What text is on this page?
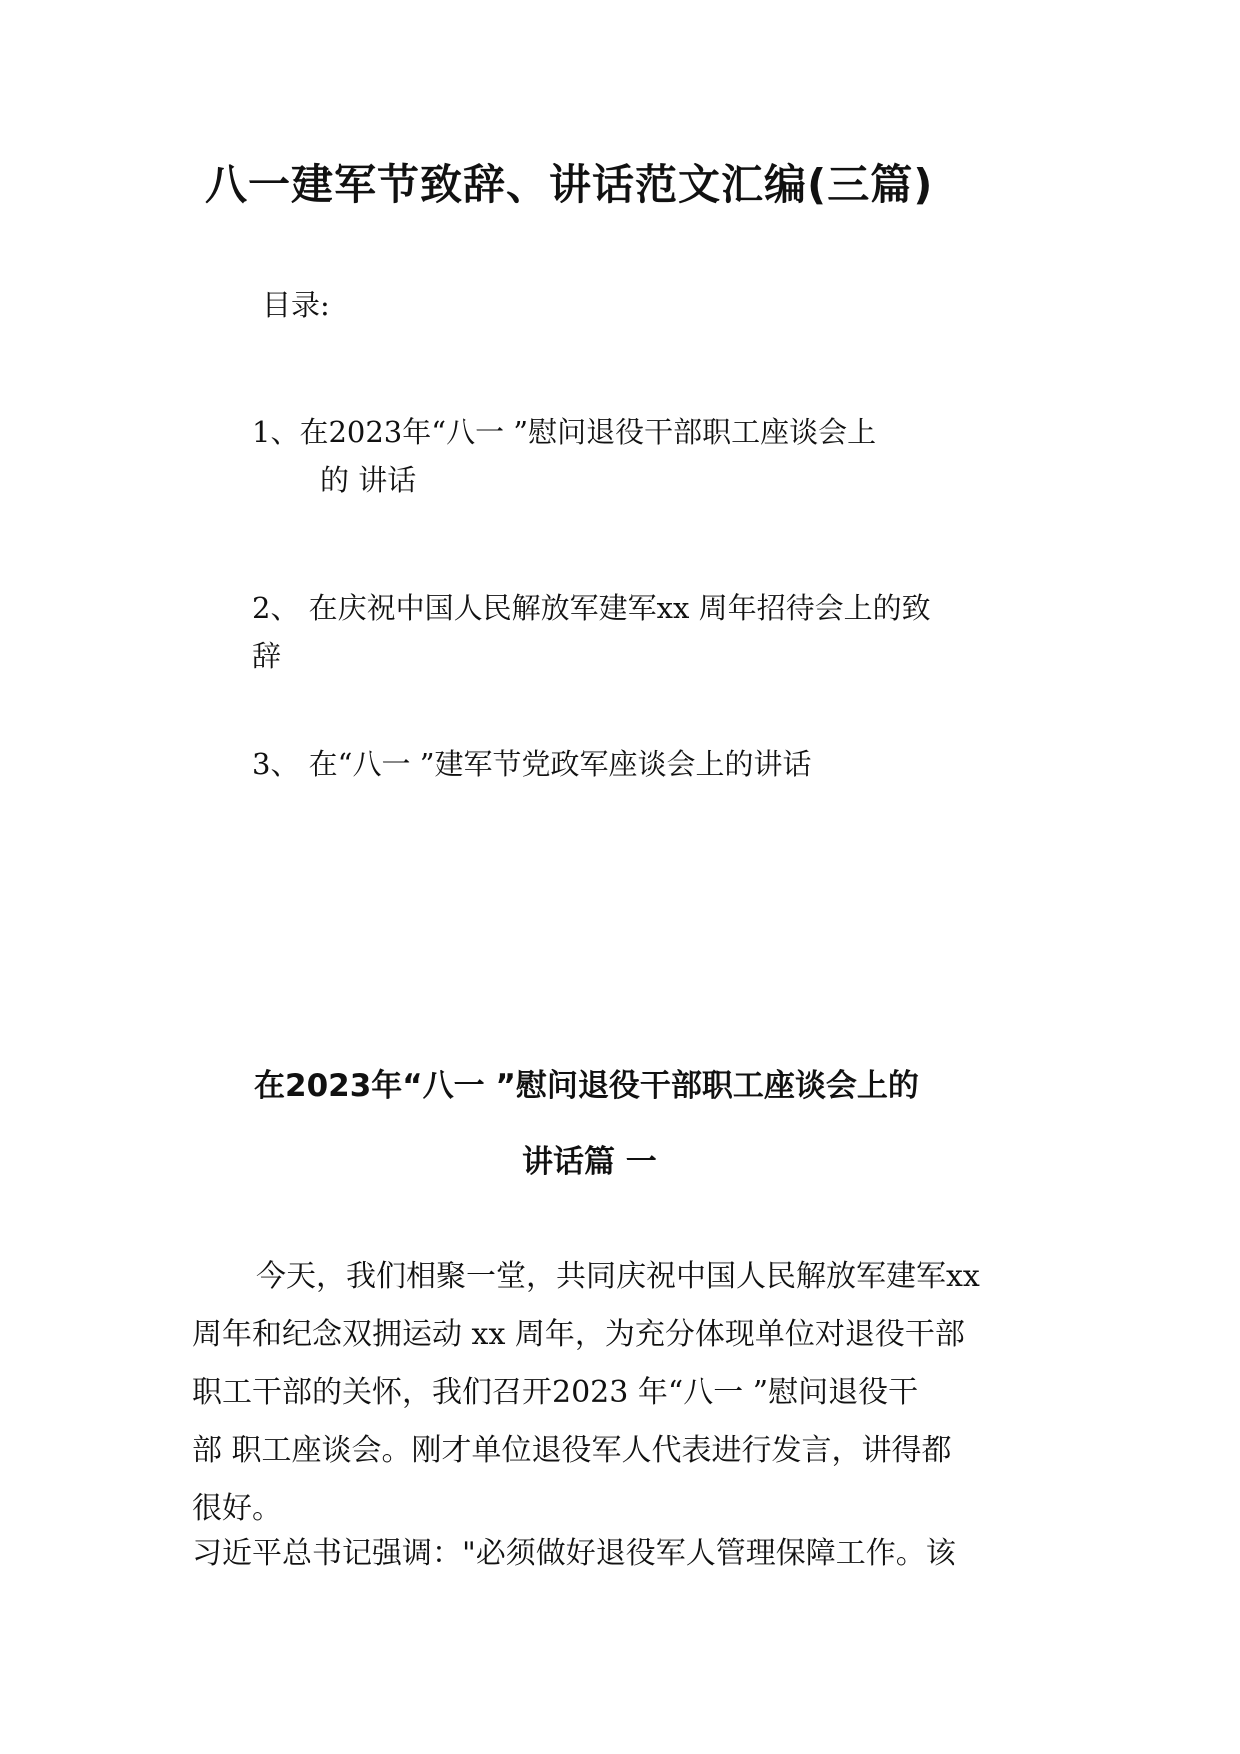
八一建军节致辞、讲话范文汇编(三篇)
目录:
1、在2023年“八一 ”慰问退役干部职工座谈会上
的 讲话
2、 在庆祝中国人民解放军建军xx 周年招待会上的致
辞
3、 在“八一 ”建军节党政军座谈会上的讲话
在2023年“八一 ”慰问退役干部职工座谈会上的
讲话篇 一
今天，我们相聚一堂，共同庆祝中国人民解放军建军xx
周年和纪念双拥运动 xx 周年，为充分体现单位对退役干部
职工干部的关怀，我们召开2023 年“八一 ”慰问退役干
部 职工座谈会。刚才单位退役军人代表进行发言，讲得都
很好。
习近平总书记强调："必须做好退役军人管理保障工作。该
